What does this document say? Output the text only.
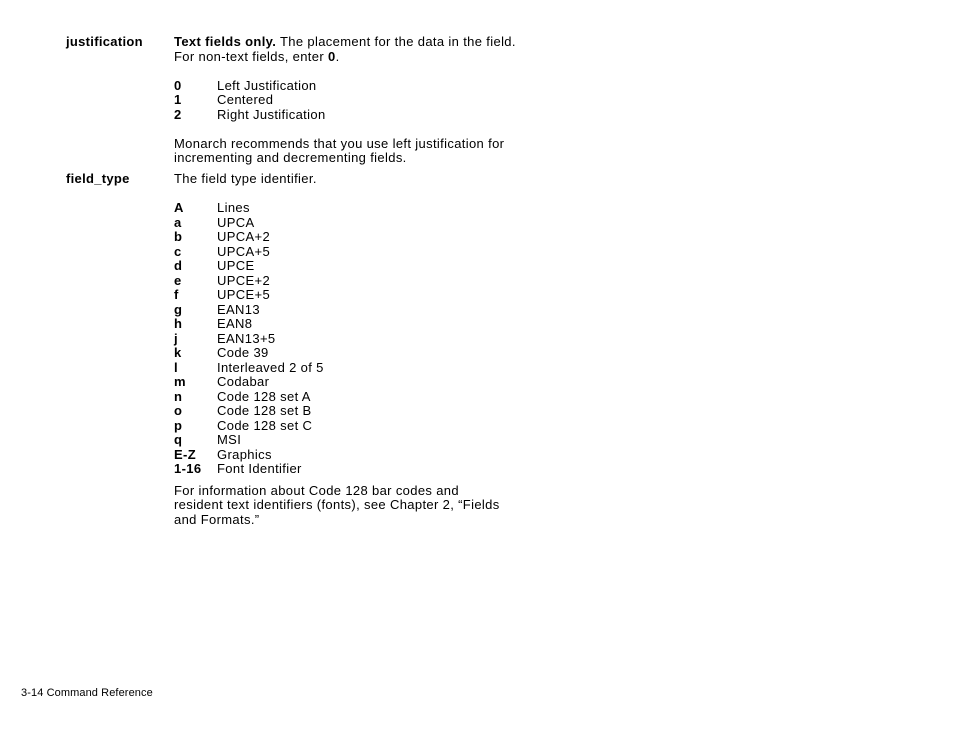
justification Text fields only. The placement for the data in the field. For non-text fields, enter 0.

0	Left Justification
1	Centered
2	Right Justification

Monarch recommends that you use left justification for incrementing and decrementing fields.

field_type	The field type identifier.

A	Lines
a	UPCA
b	UPCA+2
c	UPCA+5
d	UPCE
e	UPCE+2
f	UPCE+5
g	EAN13
h	EAN8
j	EAN13+5
k	Code 39
l	Interleaved 2 of 5
m	Codabar
n	Code 128 set A
o	Code 128 set B
p	Code 128 set C
q	MSI
E-Z	Graphics
1-16	Font Identifier

For information about Code 128 bar codes and resident text identifiers (fonts), see Chapter 2, “Fields and Formats.”

3-14 Command Reference
